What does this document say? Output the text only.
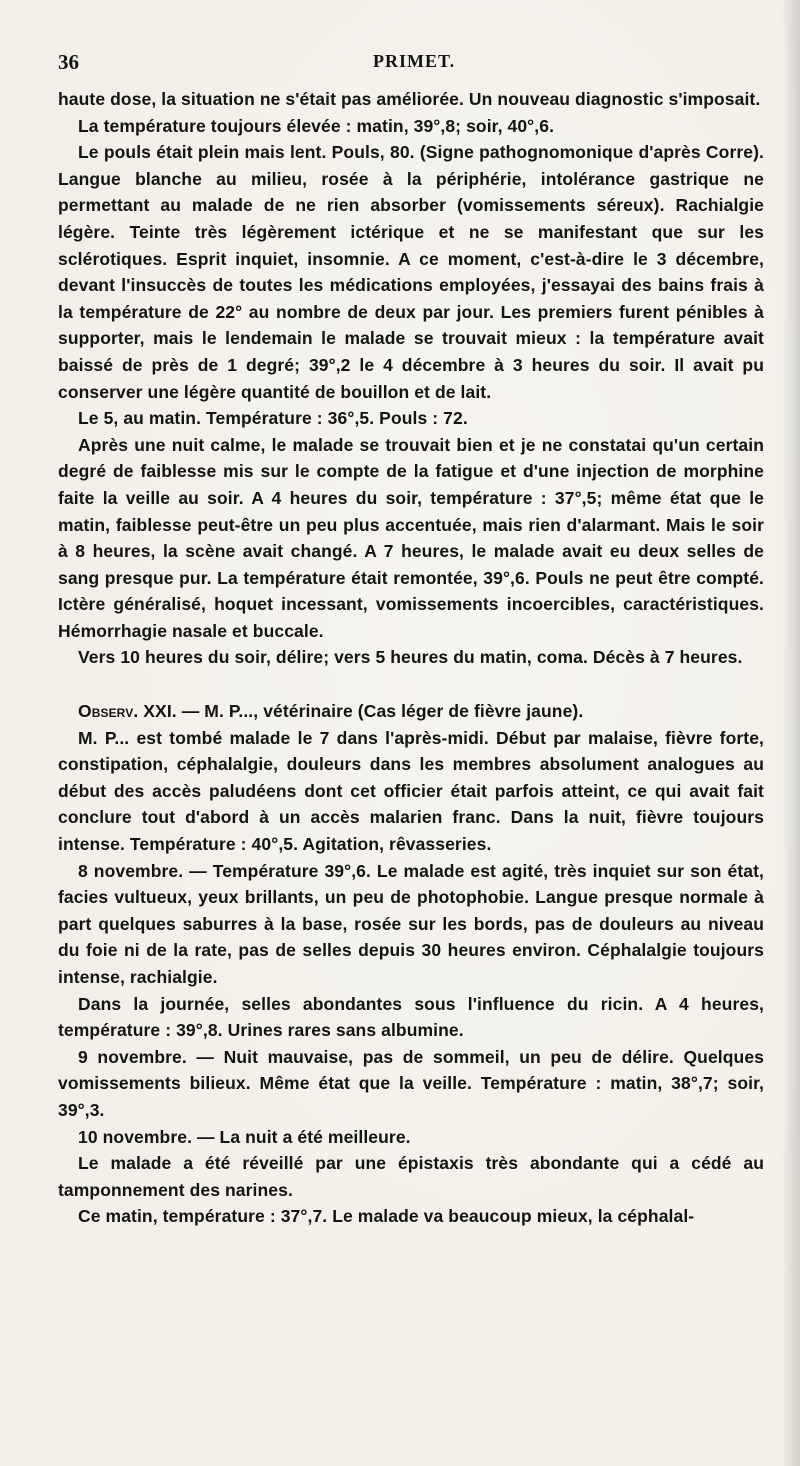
36	PRIMET.

haute dose, la situation ne s'était pas améliorée. Un nouveau diagnostic s'imposait.

La température toujours élevée : matin, 39°,8; soir, 40°,6.

Le pouls était plein mais lent. Pouls, 80. (Signe pathognomonique d'après Corre). Langue blanche au milieu, rosée à la périphérie, intolérance gastrique ne permettant au malade de ne rien absorber (vomissements séreux). Rachialgie légère. Teinte très légèrement ictérique et ne se manifestant que sur les sclérotiques. Esprit inquiet, insomnie. A ce moment, c'est-à-dire le 3 décembre, devant l'insuccès de toutes les médications employées, j'essayai des bains frais à la température de 22° au nombre de deux par jour. Les premiers furent pénibles à supporter, mais le lendemain le malade se trouvait mieux : la température avait baissé de près de 1 degré; 39°,2 le 4 décembre à 3 heures du soir. Il avait pu conserver une légère quantité de bouillon et de lait.

Le 5, au matin. Température : 36°,5. Pouls : 72.

Après une nuit calme, le malade se trouvait bien et je ne constatai qu'un certain degré de faiblesse mis sur le compte de la fatigue et d'une injection de morphine faite la veille au soir. A 4 heures du soir, température : 37°,5; même état que le matin, faiblesse peut-être un peu plus accentuée, mais rien d'alarmant. Mais le soir à 8 heures, la scène avait changé. A 7 heures, le malade avait eu deux selles de sang presque pur. La température était remontée, 39°,6. Pouls ne peut être compté. Ictère généralisé, hoquet incessant, vomissements incoercibles, caractéristiques. Hémorrhagie nasale et buccale.

Vers 10 heures du soir, délire; vers 5 heures du matin, coma. Décès à 7 heures.

Observ. XXI. — M. P..., vétérinaire (Cas léger de fièvre jaune).

M. P... est tombé malade le 7 dans l'après-midi. Début par malaise, fièvre forte, constipation, céphalalgie, douleurs dans les membres absolument analogues au début des accès paludéens dont cet officier était parfois atteint, ce qui avait fait conclure tout d'abord à un accès malarien franc. Dans la nuit, fièvre toujours intense. Température : 40°,5. Agitation, rêvasseries.

8 novembre. — Température 39°,6. Le malade est agité, très inquiet sur son état, facies vultueux, yeux brillants, un peu de photophobie. Langue presque normale à part quelques saburres à la base, rosée sur les bords, pas de douleurs au niveau du foie ni de la rate, pas de selles depuis 30 heures environ. Céphalalgie toujours intense, rachialgie.

Dans la journée, selles abondantes sous l'influence du ricin. A 4 heures, température : 39°,8. Urines rares sans albumine.

9 novembre. — Nuit mauvaise, pas de sommeil, un peu de délire. Quelques vomissements bilieux. Même état que la veille. Température : matin, 38°,7; soir, 39°,3.

10 novembre. — La nuit a été meilleure.

Le malade a été réveillé par une épistaxis très abondante qui a cédé au tamponnement des narines.

Ce matin, température : 37°,7. Le malade va beaucoup mieux, la céphalal-
